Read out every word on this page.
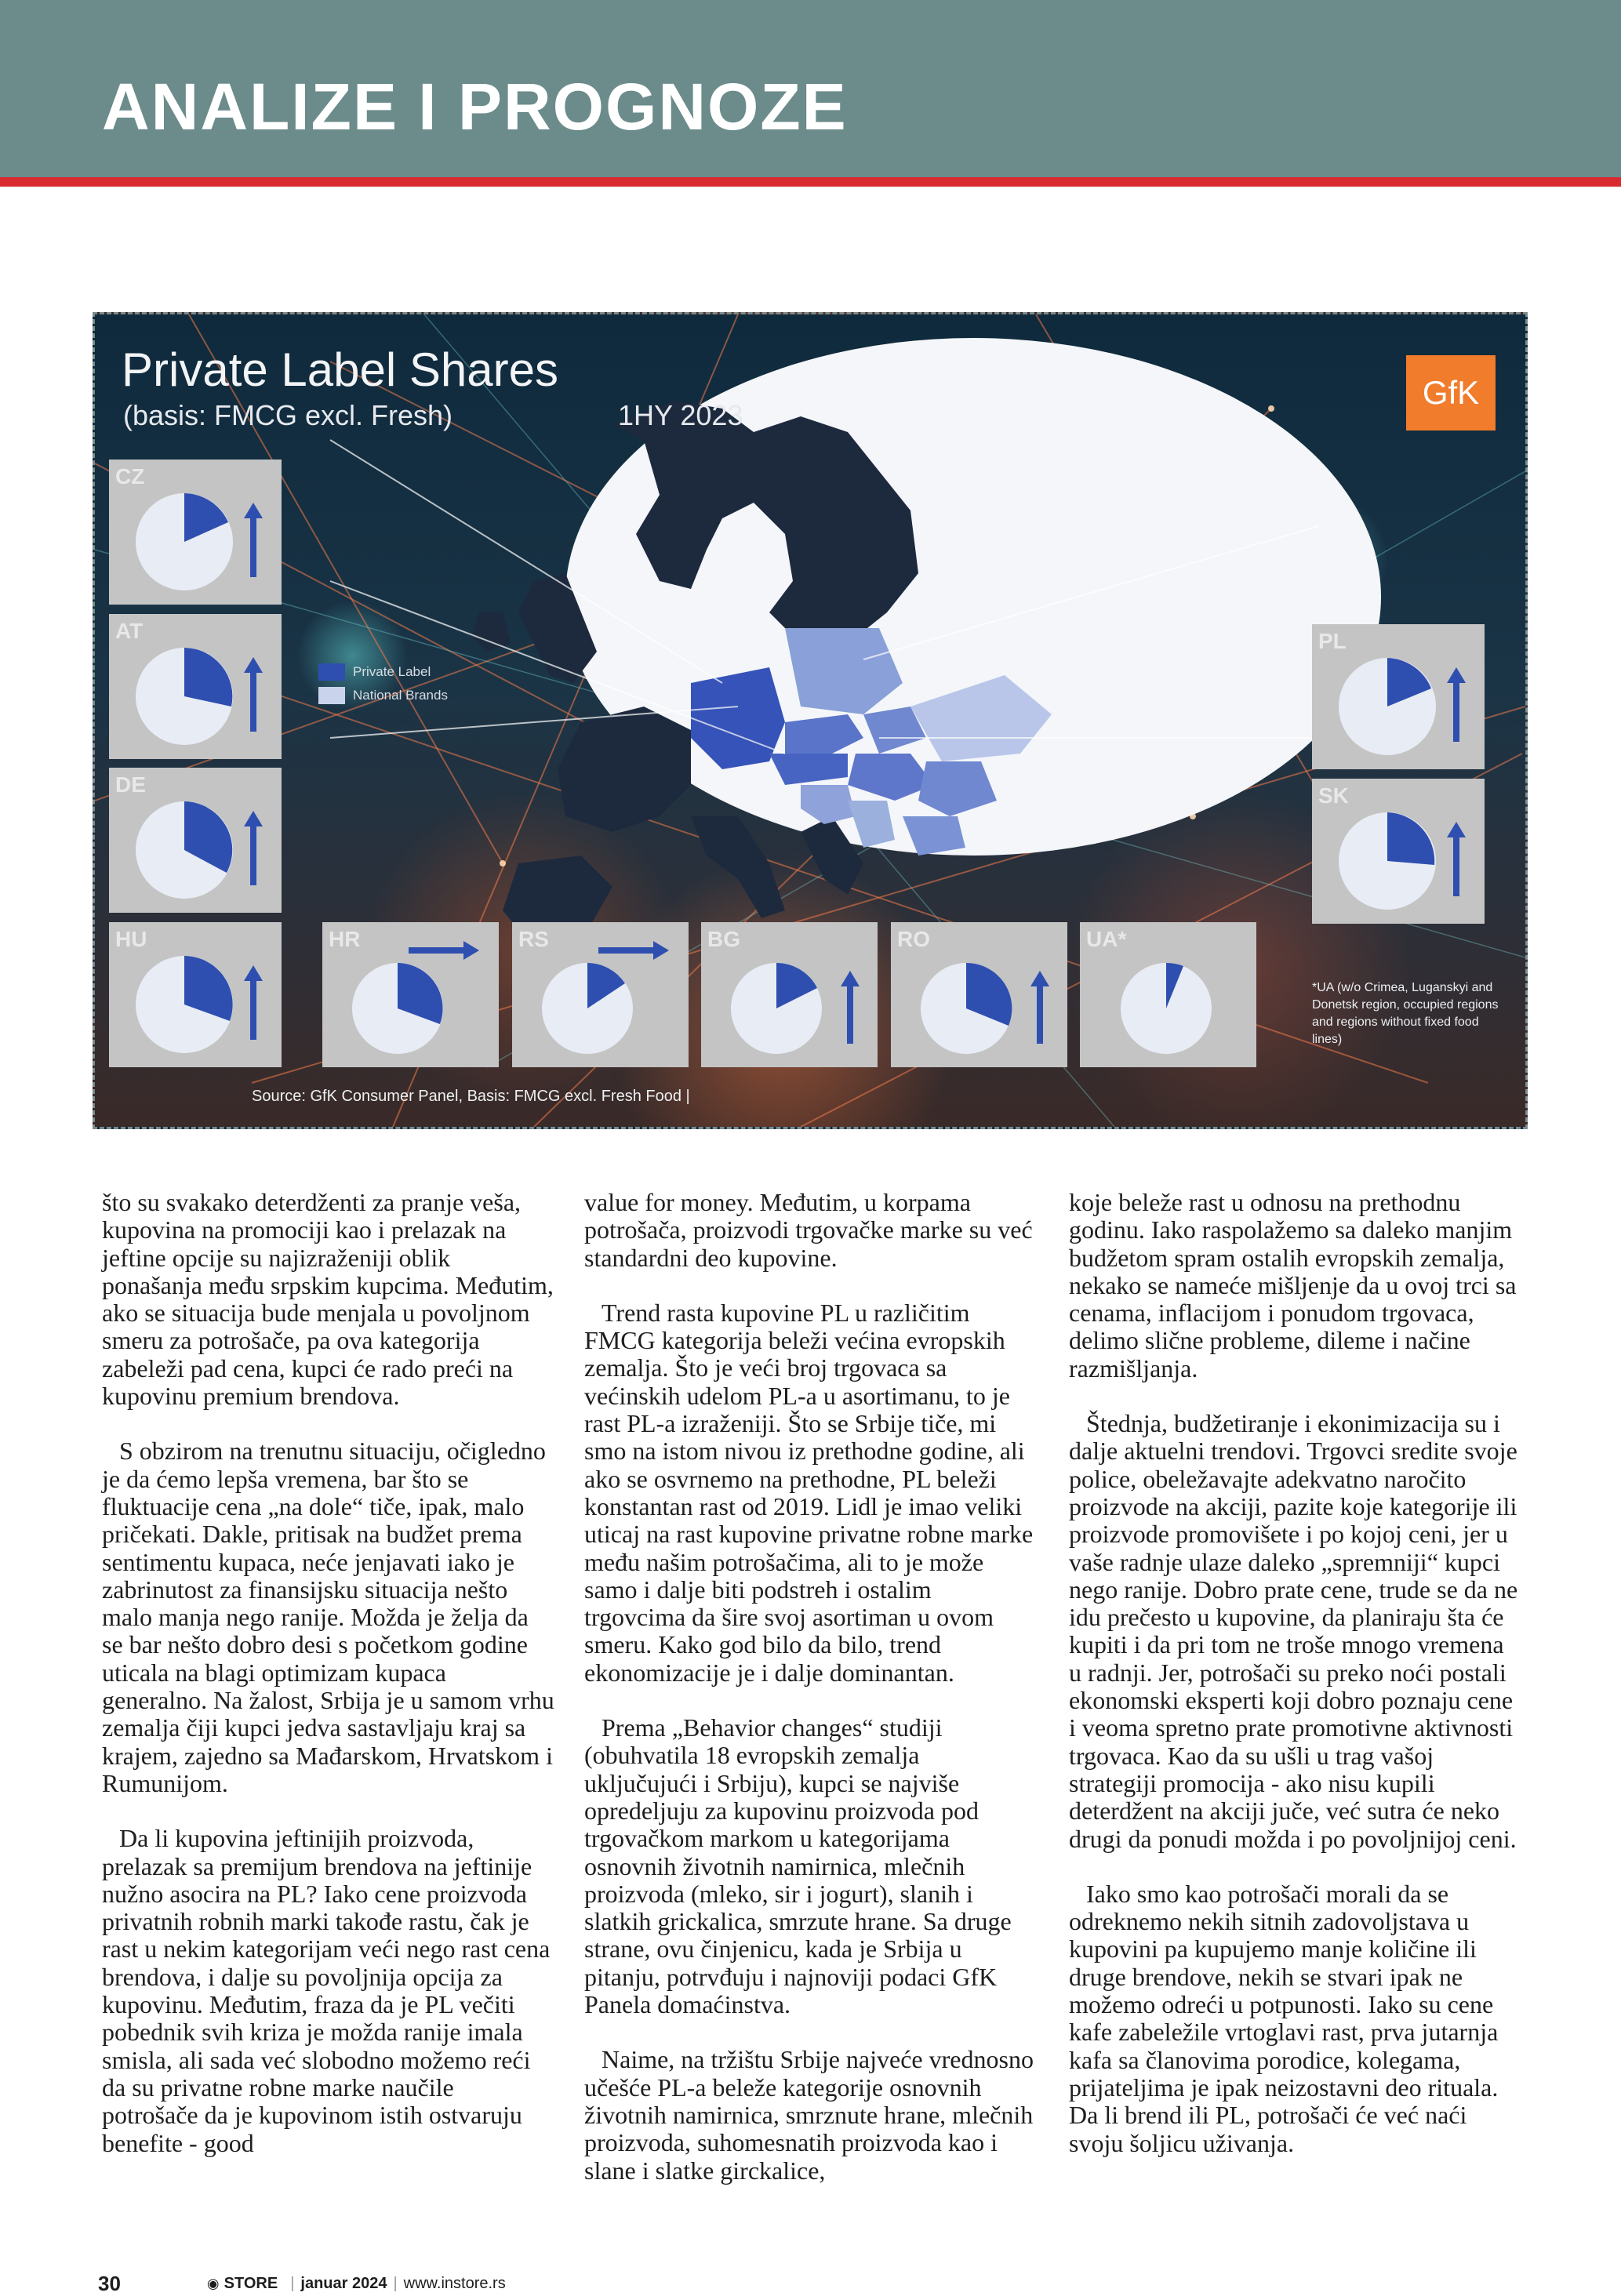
ANALIZE I PROGNOZE
Private Label Shares
(basis: FMCG excl. Fresh)	1HY 2023
GfK
Private Label
National Brands
CZ
AT
DE
HU	HR	RS	BG	RO	UA*
PL
SK
*UA (w/o Crimea, Luganskyi and Donetsk region, occupied regions and regions without fixed food lines)
Source: GfK Consumer Panel, Basis: FMCG excl. Fresh Food |

što su svakako deterdženti za pranje veša, kupovina na promociji kao i prelazak na jeftine opcije su najizraženiji oblik ponašanja među srpskim kupcima. Međutim, ako se situacija bude menjala u povoljnom smeru za potrošače, pa ova kategorija zabeleži pad cena, kupci će rado preći na kupovinu premium brendova.

S obzirom na trenutnu situaciju, očigledno je da ćemo lepša vremena, bar što se fluktuacije cena „na dole“ tiče, ipak, malo pričekati. Dakle, pritisak na budžet prema sentimentu kupaca, neće jenjavati iako je zabrinutost za finansijsku situacija nešto malo manja nego ranije. Možda je želja da se bar nešto dobro desi s početkom godine uticala na blagi optimizam kupaca generalno. Na žalost, Srbija je u samom vrhu zemalja čiji kupci jedva sastavljaju kraj sa krajem, zajedno sa Mađarskom, Hrvatskom i Rumunijom.

Da li kupovina jeftinijih proizvoda, prelazak sa premijum brendova na jeftinije nužno asocira na PL? Iako cene proizvoda privatnih robnih marki takođe rastu, čak je rast u nekim kategorijam veći nego rast cena brendova, i dalje su povoljnija opcija za kupovinu. Međutim, fraza da je PL večiti pobednik svih kriza je možda ranije imala smisla, ali sada već slobodno možemo reći da su privatne robne marke naučile potrošače da je kupovinom istih ostvaruju benefite - good

value for money. Međutim, u korpama potrošača, proizvodi trgovačke marke su već standardni deo kupovine.

Trend rasta kupovine PL u različitim FMCG kategorija beleži većina evropskih zemalja. Što je veći broj trgovaca sa većinskih udelom PL-a u asortimanu, to je rast PL-a izraženiji. Što se Srbije tiče, mi smo na istom nivou iz prethodne godine, ali ako se osvrnemo na prethodne, PL beleži konstantan rast od 2019. Lidl je imao veliki uticaj na rast kupovine privatne robne marke među našim potrošačima, ali to je može samo i dalje biti podstreh i ostalim trgovcima da šire svoj asortiman u ovom smeru. Kako god bilo da bilo, trend ekonomizacije je i dalje dominantan.

Prema „Behavior changes“ studiji (obuhvatila 18 evropskih zemalja uključujući i Srbiju), kupci se najviše opredeljuju za kupovinu proizvoda pod trgovačkom markom u kategorijama osnovnih životnih namirnica, mlečnih proizvoda (mleko, sir i jogurt), slanih i slatkih grickalica, smrzute hrane. Sa druge strane, ovu činjenicu, kada je Srbija u pitanju, potrvđuju i najnoviji podaci GfK Panela domaćinstva.

Naime, na tržištu Srbije najveće vrednosno učešće PL-a beleže kategorije osnovnih životnih namirnica, smrznute hrane, mlečnih proizvoda, suhomesnatih proizvoda kao i slane i slatke girckalice,

koje beleže rast u odnosu na prethodnu godinu. Iako raspolažemo sa daleko manjim budžetom spram ostalih evropskih zemalja, nekako se nameće mišljenje da u ovoj trci sa cenama, inflacijom i ponudom trgovaca, delimo slične probleme, dileme i načine razmišljanja.

Štednja, budžetiranje i ekonimizacija su i dalje aktuelni trendovi. Trgovci sredite svoje police, obeležavajte adekvatno naročito proizvode na akciji, pazite koje kategorije ili proizvode promovišete i po kojoj ceni, jer u vaše radnje ulaze daleko „spremniji“ kupci nego ranije. Dobro prate cene, trude se da ne idu prečesto u kupovine, da planiraju šta će kupiti i da pri tom ne troše mnogo vremena u radnji. Jer, potrošači su preko noći postali ekonomski eksperti koji dobro poznaju cene i veoma spretno prate promotivne aktivnosti trgovaca. Kao da su ušli u trag vašoj strategiji promocija - ako nisu kupili deterdžent na akciji juče, već sutra će neko drugi da ponudi možda i po povoljnijoj ceni.

Iako smo kao potrošači morali da se odreknemo nekih sitnih zadovoljstava u kupovini pa kupujemo manje količine ili druge brendove, nekih se stvari ipak ne možemo odreći u potpunosti. Iako su cene kafe zabeležile vrtoglavi rast, prva jutarnja kafa sa članovima porodice, kolegama, prijateljima je ipak neizostavni deo rituala. Da li brend ili PL, potrošači će već naći svoju šoljicu uživanja.

30	◉ STORE | januar 2024 | www.instore.rs
